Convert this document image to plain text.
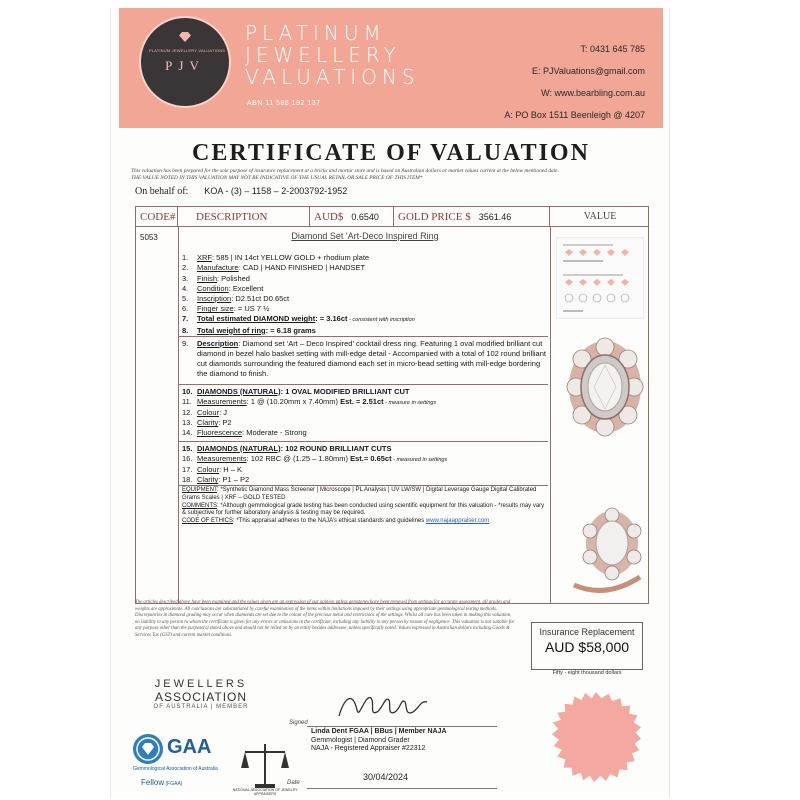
PLATINUM JEWELLERY VALUATIONS
PJV
PLATINUM
JEWELLERY
VALUATIONS
ABN 11 588 192 137
T: 0431 645 785
E: PJValuations@gmail.com
W: www.bearbling.com.au
A: PO Box 1511 Beenleigh @ 4207
CERTIFICATE OF VALUATION
This valuation has been prepared for the sole purpose of insurance replacement at a bricks and mortar store and is based on Australian dollars or market values current at the below mentioned date.
THE VALUE NOTED IN THIS VALUATION MAY NOT BE INDICATIVE OF THE USUAL RETAIL OR SALE PRICE OF THIS ITEM*
On behalf of: KOA - (3) – 1158 – 2-2003792-1952
CODE#	DESCRIPTION	AUD$ 0.6540	GOLD PRICE $ 3561.46	VALUE
5053	Diamond Set 'Art-Deco Inspired Ring
1.	XRF: 585 | IN 14ct YELLOW GOLD + rhodium plate
2.	Manufacture: CAD | HAND FINISHED | HANDSET
3.	Finish: Polished
4.	Condition: Excellent
5.	Inscription: D2.51ct D0.65ct
6.	Finger size: = US 7 ½
7.	Total estimated DIAMOND weight: = 3.16ct - consistent with inscription
8.	Total weight of ring: = 6.18 grams
9.	Description: Diamond set ‘Art – Deco Inspired’ cocktail dress ring. Featuring 1 oval modified brilliant cut diamond in bezel halo basket setting with mill-edge detail - Accompanied with a total of 102 round brilliant cut diamonds surrounding the featured diamond each set in micro-bead setting with mill-edge bordering the diamond to finish.
10. DIAMONDS (NATURAL): 1 OVAL MODIFIED BRILLIANT CUT
11. Measurements: 1 @ (10.20mm x 7.40mm) Est. = 2.51ct - measure in settings
12. Colour: J
13. Clarity: P2
14. Fluorescence: Moderate - Strong
15. DIAMONDS (NATURAL): 102 ROUND BRILLIANT CUTS
16. Measurements: 102 RBC @ (1.25 – 1.80mm) Est.= 0.65ct - measured in settings
17. Colour: H – K
18. Clarity: P1 – P2
EQUIPMENT: *Synthetic Diamond Mass Screener | Microscope | PL Analysis | UV LW/SW | Digital Leverage Gauge Digital Calibrated Grams Scales | XRF – GOLD TESTED
COMMENTS: *Although gemmological grade testing has been conducted using scientific equipment for this valuation - *results may vary & subjective for further laboratory analysis & testing may be required.
CODE OF ETHICS: *This appraisal adheres to the NAJA’s ethical standards and guidelines www.najaappraiser.com
The articles described above have been examined and the values given are an expression of our opinion unless gemstones have been removed from settings for accurate assessment, all grades and weights are approximate. All conclusions are substantiated by careful examination of the items within limitations imposed by their settings using appropriate gemmological testing methods. Discrepancies in diamond grading may occur when diamonds are set due to the colour of the precious metal and restrictions of the settings. Whilst all care has been taken in making this valuation, no liability to any person to whom the certificate is given for any errors or omissions in the certificate, including any liability to any person by reason of negligence. This valuation is not suitable for any purpose other than the purpose(s) stated above and should not be relied on by an entity besides addressee, unless specifically noted. Values expressed in Australian dollars including Goods & Services Tax (GST) and current market conditions.	Insurance Replacement
AUD $58,000
Fifty - eight thousand dollars
JEWELLERS
ASSOCIATION
OF AUSTRALIA | MEMBER
GAA
Gemmological Association of Australia
Fellow (FGAA)
NATIONAL ASSOCIATION OF JEWELRY APPRAISERS
Signed
Linda Dent FGAA | BBus | Member NAJA
Gemmologist | Diamond Grader
NAJA - Registered Appraiser #22312
Date
30/04/2024
